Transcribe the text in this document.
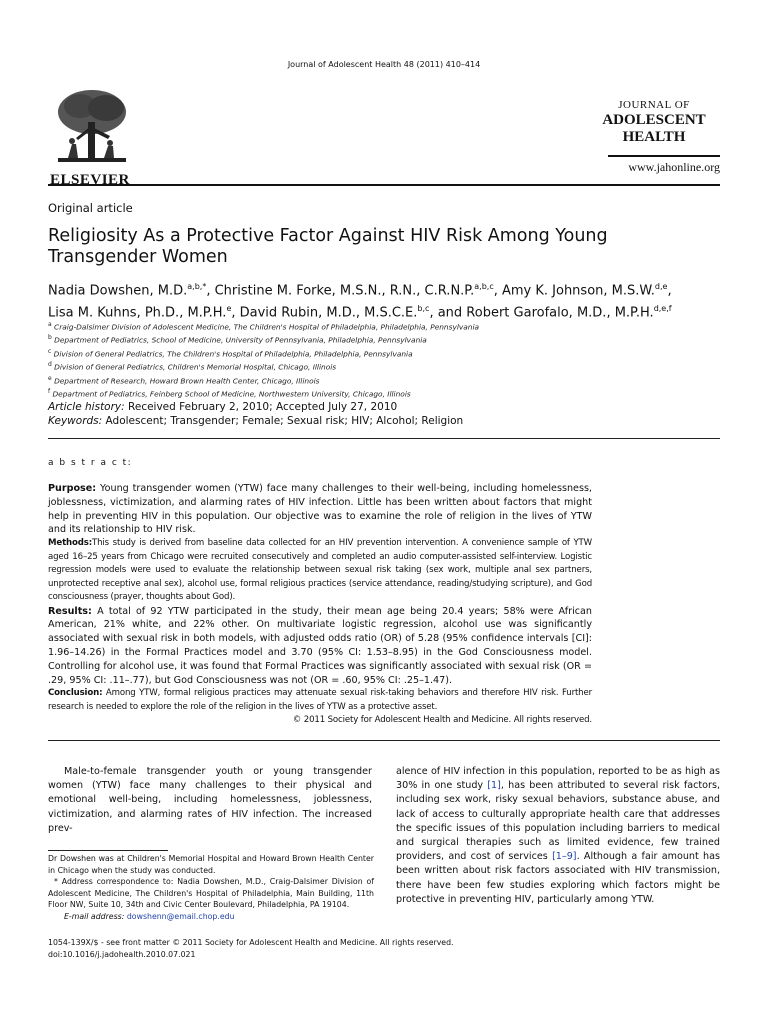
Journal of Adolescent Health 48 (2011) 410–414
ELSEVIER
JOURNAL OF
ADOLESCENT
HEALTH
www.jahonline.org
Original article
Religiosity As a Protective Factor Against HIV Risk Among Young Transgender Women
Nadia Dowshen, M.D.$^{a,b,*}$, Christine M. Forke, M.S.N., R.N., C.R.N.P.$^{a,b,c}$, Amy K. Johnson, M.S.W.$^{d,e}$,
Lisa M. Kuhns, Ph.D., M.P.H.$^e$, David Rubin, M.D., M.S.C.E.$^{b,c}$, and Robert Garofalo, M.D., M.P.H.$^{d,e,f}$
$^a$ Craig-Dalsimer Division of Adolescent Medicine, The Children's Hospital of Philadelphia, Philadelphia, Pennsylvania
$^b$ Department of Pediatrics, School of Medicine, University of Pennsylvania, Philadelphia, Pennsylvania
$^c$ Division of General Pediatrics, The Children's Hospital of Philadelphia, Philadelphia, Pennsylvania
$^d$ Division of General Pediatrics, Children's Memorial Hospital, Chicago, Illinois
$^e$ Department of Research, Howard Brown Health Center, Chicago, Illinois
$^f$ Department of Pediatrics, Feinberg School of Medicine, Northwestern University, Chicago, Illinois
Article history: Received February 2, 2010; Accepted July 27, 2010
Keywords: Adolescent; Transgender; Female; Sexual risk; HIV; Alcohol; Religion
a b s t r a c t:

Purpose: Young transgender women (YTW) face many challenges to their well-being, including homelessness, joblessness, victimization, and alarming rates of HIV infection. Little has been written about factors that might help in preventing HIV in this population. Our objective was to examine the role of religion in the lives of YTW and its relationship to HIV risk.

Methods:This study is derived from baseline data collected for an HIV prevention intervention. A convenience sample of YTW aged 16–25 years from Chicago were recruited consecutively and completed an audio computer-assisted self-interview. Logistic regression models were used to evaluate the relationship between sexual risk taking (sex work, multiple anal sex partners, unprotected receptive anal sex), alcohol use, formal religious practices (service attendance, reading/studying scripture), and God consciousness (prayer, thoughts about God).

Results: A total of 92 YTW participated in the study, their mean age being 20.4 years; 58% were African American, 21% white, and 22% other. On multivariate logistic regression, alcohol use was significantly associated with sexual risk in both models, with adjusted odds ratio (OR) of 5.28 (95% confidence intervals [CI]: 1.96–14.26) in the Formal Practices model and 3.70 (95% CI: 1.53–8.95) in the God Consciousness model. Controlling for alcohol use, it was found that Formal Practices was significantly associated with sexual risk (OR = .29, 95% CI: .11–.77), but God Consciousness was not (OR = .60, 95% CI: .25–1.47).

Conclusion: Among YTW, formal religious practices may attenuate sexual risk-taking behaviors and therefore HIV risk. Further research is needed to explore the role of the religion in the lives of YTW as a protective asset.

© 2011 Society for Adolescent Health and Medicine. All rights reserved.

Male-to-female transgender youth or young transgender women (YTW) face many challenges to their physical and emotional well-being, including homelessness, joblessness, victimization, and alarming rates of HIV infection. The increased prev-

Dr Dowshen was at Children's Memorial Hospital and Howard Brown Health Center in Chicago when the study was conducted.

* Address correspondence to: Nadia Dowshen, M.D., Craig-Dalsimer Division of Adolescent Medicine, The Children's Hospital of Philadelphia, Main Building, 11th Floor NW, Suite 10, 34th and Civic Center Boulevard, Philadelphia, PA 19104.

E-mail address: dowshenn@email.chop.edu

alence of HIV infection in this population, reported to be as high as 30% in one study [1], has been attributed to several risk factors, including sex work, risky sexual behaviors, substance abuse, and lack of access to culturally appropriate health care that addresses the specific issues of this population including barriers to medical and surgical therapies such as limited evidence, few trained providers, and cost of services [1–9]. Although a fair amount has been written about risk factors associated with HIV transmission, there have been few studies exploring which factors might be protective in preventing HIV, particularly among YTW.
1054-139X/$ - see front matter © 2011 Society for Adolescent Health and Medicine. All rights reserved.
doi:10.1016/j.jadohealth.2010.07.021
